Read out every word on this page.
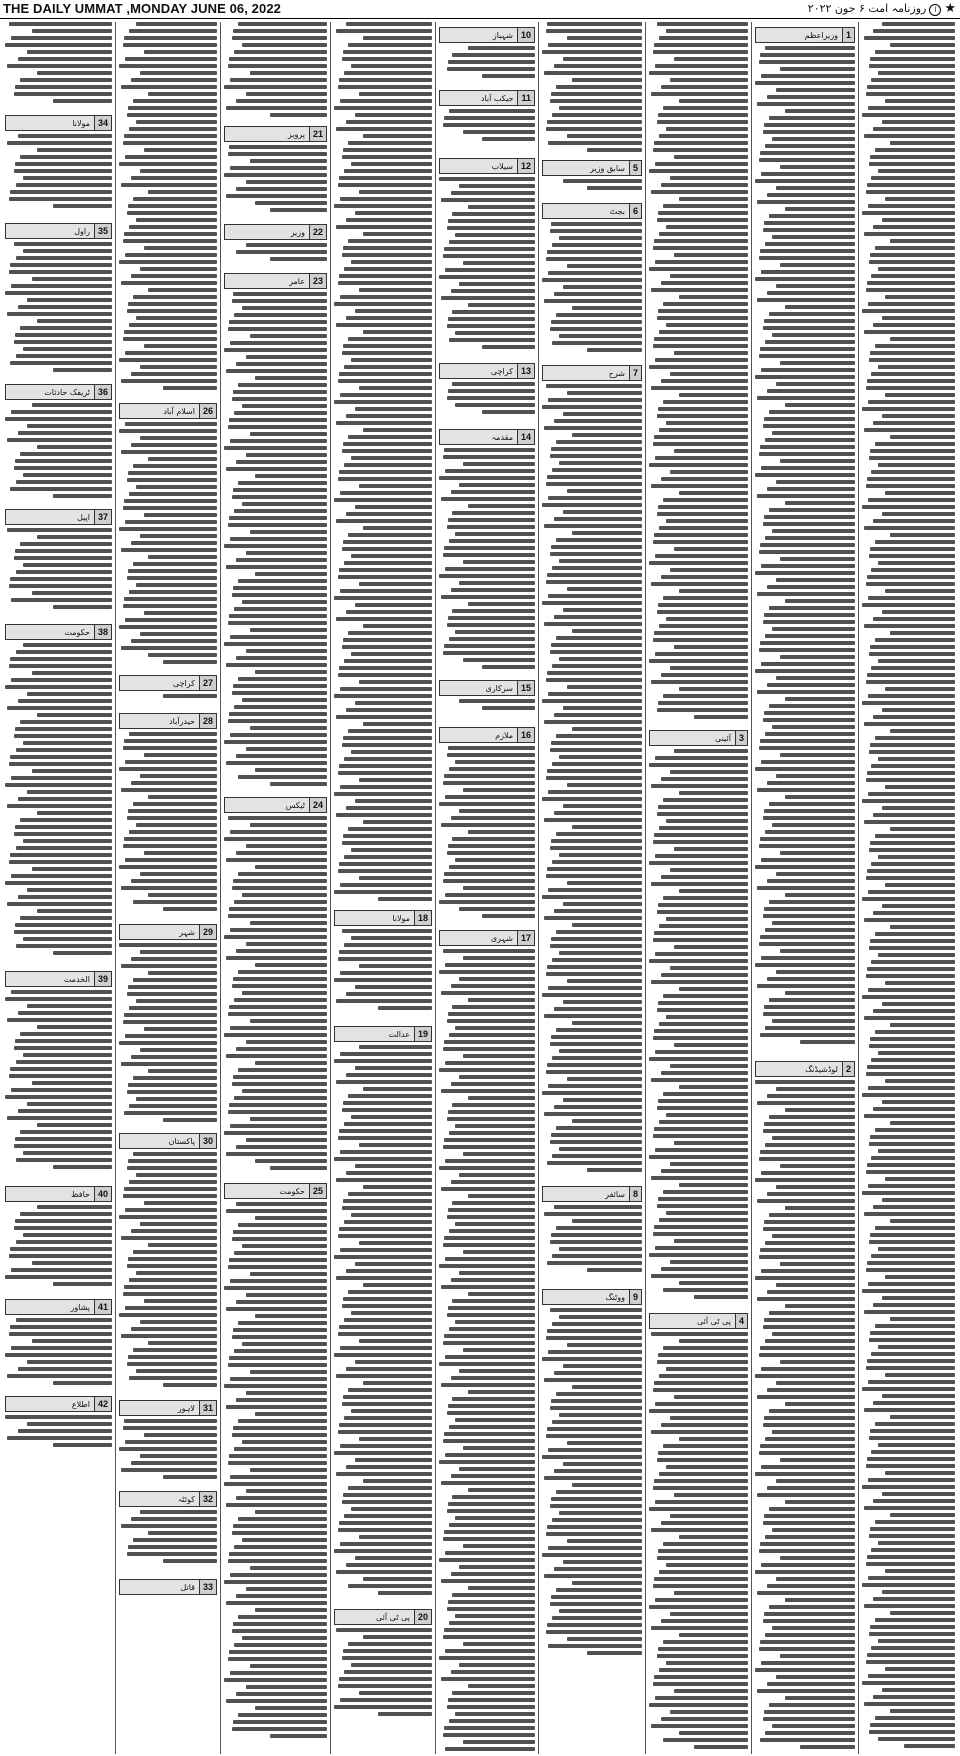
THE DAILY UMMAT ,MONDAY JUNE 06, 2022	★اروزنامہ امت ۶ جون ۲۰۲۲
34مولانا
35راول
36ٹریفک حادثات
37اپیل
38حکومت
39الخدمت
40حافظ
41پشاور
42اطلاع
26اسلام آباد
27کراچی
28حیدرآباد
29شہر
30پاکستان
31لاہور
32کوئٹہ
33قاتل
21پرویز
22وزیر
23عامر
24ٹیکس
25حکومت
18مولانا
19عدالت
20پی ٹی آئی
10شہباز
11جیکب آباد
12سیلاب
13کراچی
14مقدمہ
15سرکاری
16ملازم
17شہری
5سابق وزیر
6بجٹ
7شرح
8سائفر
9ووٹنگ
3آئینی
4پی ٹی آئی
1وزیراعظم
2لوڈشیڈنگ
